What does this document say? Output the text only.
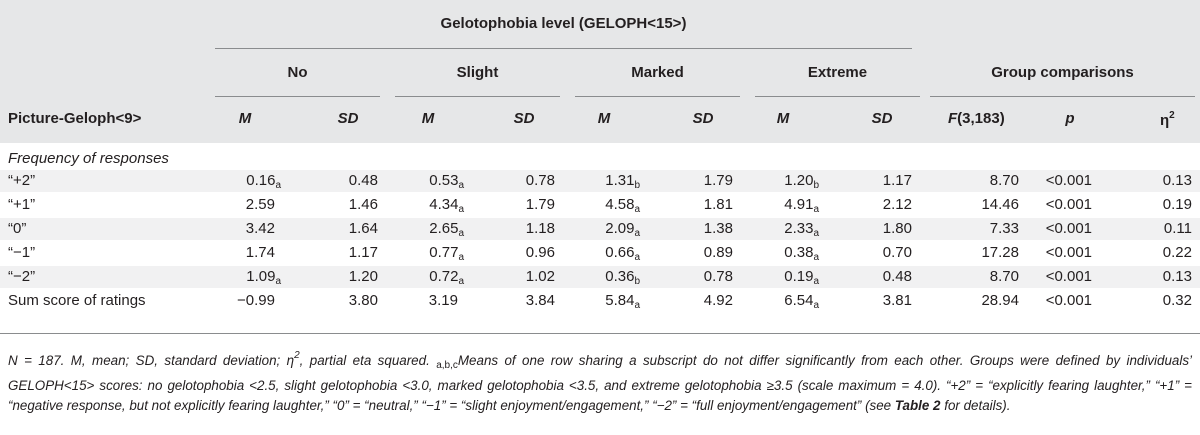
Gelotophobia level (GELOPH<15>)
No	Slight	Marked	Extreme	Group comparisons
Picture-Geloph<9>	M	SD	M	SD	M	SD	M	SD	F(3,183)	p	$\eta^2$
Frequency of responses
“+2”	$0.16_a$	0.48	$0.53_a$	0.78	$1.31_b$	1.79	$1.20_b$	1.17	8.70	<0.001	0.13
“+1”	2.59	1.46	$4.34_a$	1.79	$4.58_a$	1.81	$4.91_a$	2.12	14.46	<0.001	0.19
“0”	3.42	1.64	$2.65_a$	1.18	$2.09_a$	1.38	$2.33_a$	1.80	7.33	<0.001	0.11
“−1”	1.74	1.17	$0.77_a$	0.96	$0.66_a$	0.89	$0.38_a$	0.70	17.28	<0.001	0.22
“−2”	$1.09_a$	1.20	$0.72_a$	1.02	$0.36_b$	0.78	$0.19_a$	0.48	8.70	<0.001	0.13
Sum score of ratings	−0.99	3.80	3.19	3.84	$5.84_a$	4.92	$6.54_a$	3.81	28.94	<0.001	0.32
N = 187. M, mean; SD, standard deviation; $\eta^2$, partial eta squared. $_{a,b,c}$Means of one row sharing a subscript do not differ significantly from each other. Groups were defined by individuals’ GELOPH<15> scores: no gelotophobia <2.5, slight gelotophobia <3.0, marked gelotophobia <3.5, and extreme gelotophobia ≥3.5 (scale maximum = 4.0). “+2” = “explicitly fearing laughter,” “+1” = “negative response, but not explicitly fearing laughter,” “0” = “neutral,” “−1” = “slight enjoyment/engagement,” “−2” = “full enjoyment/engagement” (see Table 2 for details).
